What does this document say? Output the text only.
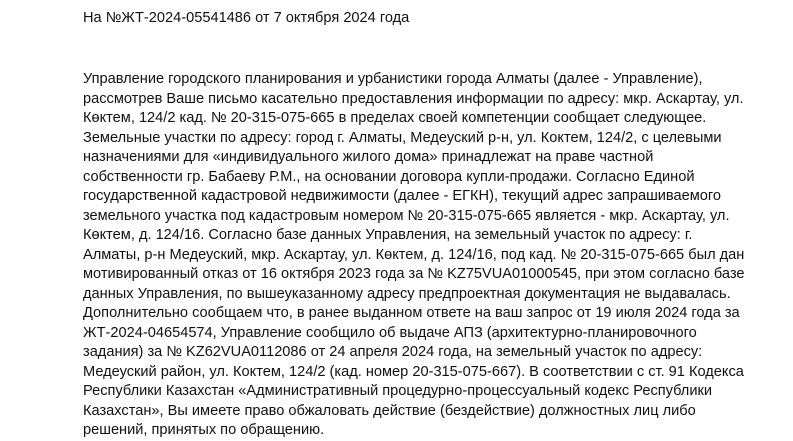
На №ЖТ-2024-05541486 от 7 октября 2024 года
Управление городского планирования и урбанистики города Алматы (далее - Управление),
рассмотрев Ваше письмо касательно предоставления информации по адресу: мкр. Аскартау, ул.
Көктем, 124/2 кад. № 20-315-075-665 в пределах своей компетенции сообщает следующее.
Земельные участки по адресу: город г. Алматы, Медеуский р-н, ул. Коктем, 124/2, с целевыми
назначениями для «индивидуального жилого дома» принадлежат на праве частной
собственности гр. Бабаеву Р.М., на основании договора купли-продажи. Согласно Единой
государственной кадастровой недвижимости (далее - ЕГКН), текущий адрес запрашиваемого
земельного участка под кадастровым номером № 20-315-075-665 является - мкр. Аскартау, ул.
Көктем, д. 124/16. Согласно базе данных Управления, на земельный участок по адресу: г.
Алматы, р-н Медеуский, мкр. Аскартау, ул. Көктем, д. 124/16, под кад. № 20-315-075-665 был дан
мотивированный отказ от 16 октября 2023 года за № KZ75VUA01000545, при этом согласно базе
данных Управления, по вышеуказанному адресу предпроектная документация не выдавалась.
Дополнительно сообщаем что, в ранее выданном ответе на ваш запрос от 19 июля 2024 года за
ЖТ-2024-04654574, Управление сообщило об выдаче АПЗ (архитектурно-планировочного
задания) за № KZ62VUA0112086 от 24 апреля 2024 года, на земельный участок по адресу:
Медеуский район, ул. Коктем, 124/2 (кад. номер 20-315-075-667). В соответствии с ст. 91 Кодекса
Республики Казахстан «Административный процедурно-процессуальный кодекс Республики
Казахстан», Вы имеете право обжаловать действие (бездействие) должностных лиц либо
решений, принятых по обращению.
